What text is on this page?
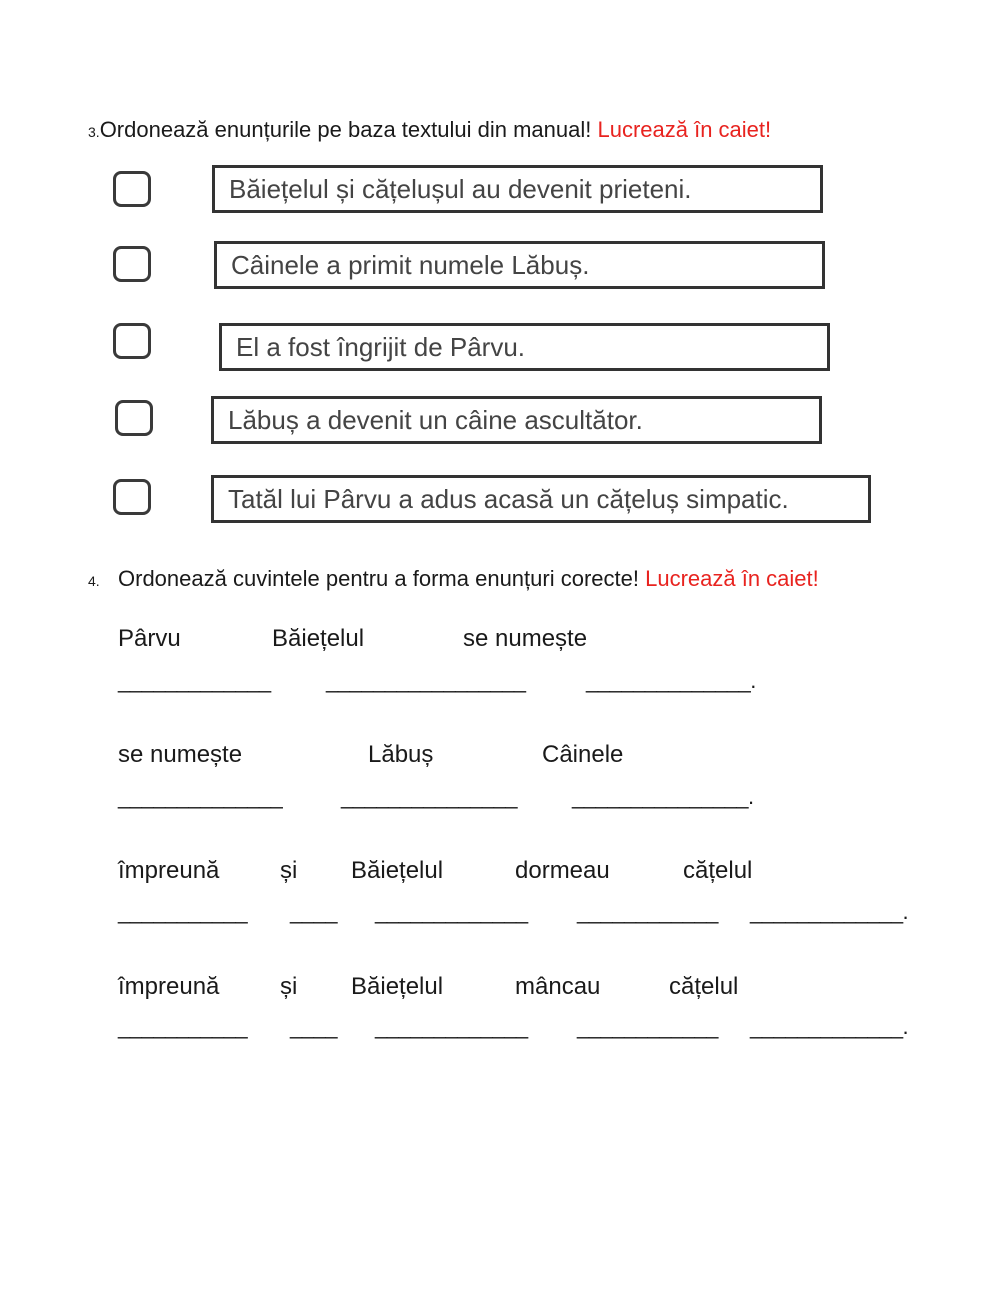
3.Ordonează enunțurile pe baza textului din manual! Lucrează în caiet!
Băiețelul și cățelușul au devenit prieteni.
Câinele a primit numele Lăbuș.
El a fost îngrijit de Pârvu.
Lăbuș a devenit un câine ascultător.
Tatăl lui Pârvu a adus acasă un cățeluș simpatic.
4. Ordonează cuvintele pentru a forma enunțuri corecte! Lucrează în caiet!
Pârvu	Băiețelul	se numește
_____________	_________________	______________.
se numește	Lăbuș	Câinele
______________	_______________ _______________.
împreună	și Băiețelul	dormeau	cățelul
___________ ____ _____________ ____________ _____________.
împreună	și Băiețelul	mâncau	cățelul
___________ ____ _____________ ____________ _____________.
